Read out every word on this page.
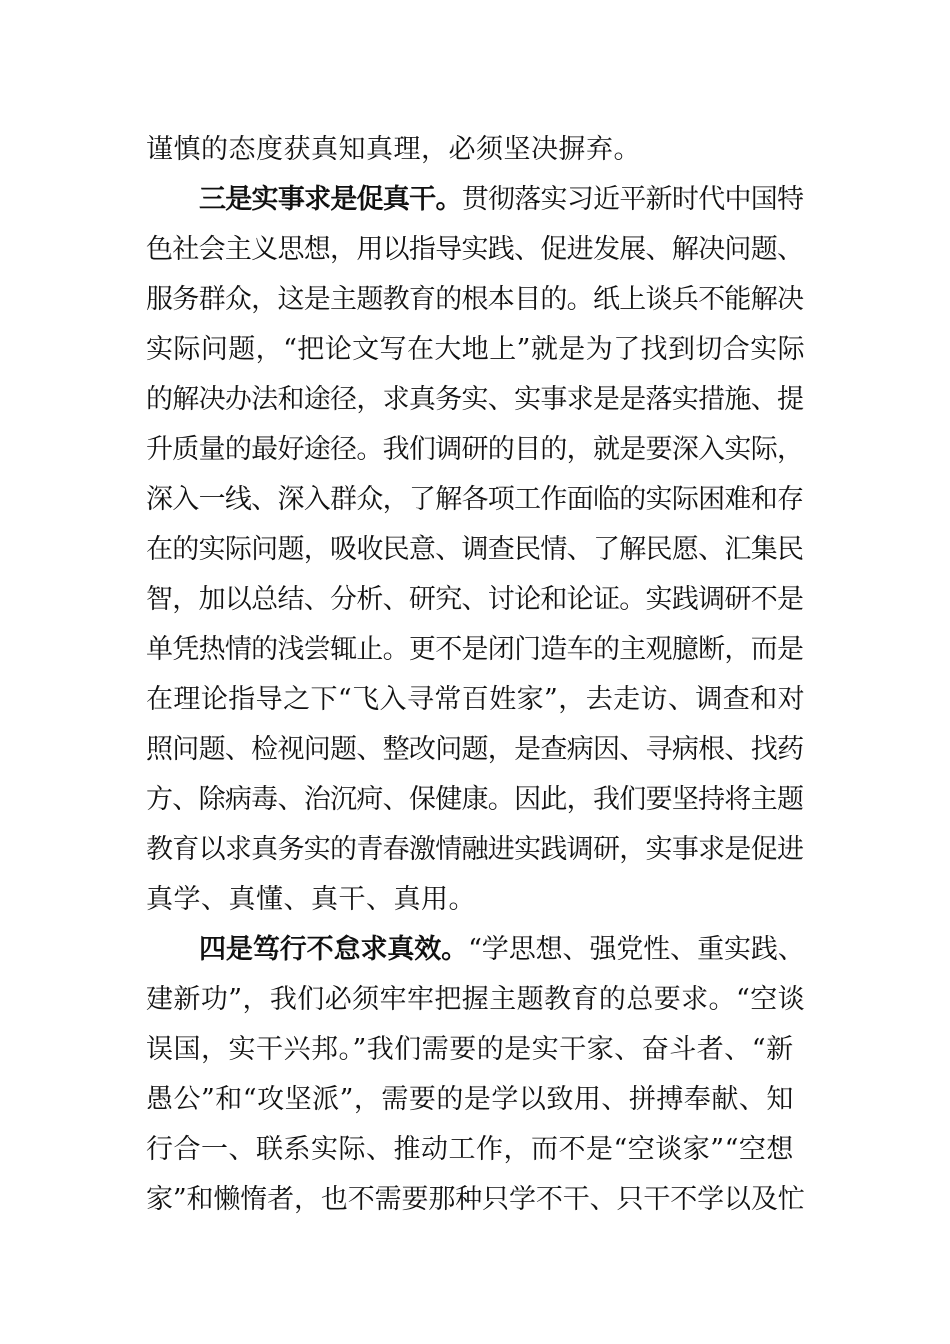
谨慎的态度获真知真理，必须坚决摒弃。
三是实事求是促真干。贯彻落实习近平新时代中国特
色社会主义思想，用以指导实践、促进发展、解决问题、
服务群众，这是主题教育的根本目的。纸上谈兵不能解决
实际问题，“把论文写在大地上”就是为了找到切合实际
的解决办法和途径，求真务实、实事求是是落实措施、提
升质量的最好途径。我们调研的目的，就是要深入实际，
深入一线、深入群众，了解各项工作面临的实际困难和存
在的实际问题，吸收民意、调查民情、了解民愿、汇集民
智，加以总结、分析、研究、讨论和论证。实践调研不是
单凭热情的浅尝辄止。更不是闭门造车的主观臆断，而是
在理论指导之下“飞入寻常百姓家”，去走访、调查和对
照问题、检视问题、整改问题，是查病因、寻病根、找药
方、除病毒、治沉疴、保健康。因此，我们要坚持将主题
教育以求真务实的青春激情融进实践调研，实事求是促进
真学、真懂、真干、真用。
四是笃行不怠求真效。“学思想、强党性、重实践、
建新功”，我们必须牢牢把握主题教育的总要求。“空谈
误国，实干兴邦。”我们需要的是实干家、奋斗者、“新
愚公”和“攻坚派”，需要的是学以致用、拼搏奉献、知
行合一、联系实际、推动工作，而不是“空谈家”“空想
家”和懒惰者，也不需要那种只学不干、只干不学以及忙
